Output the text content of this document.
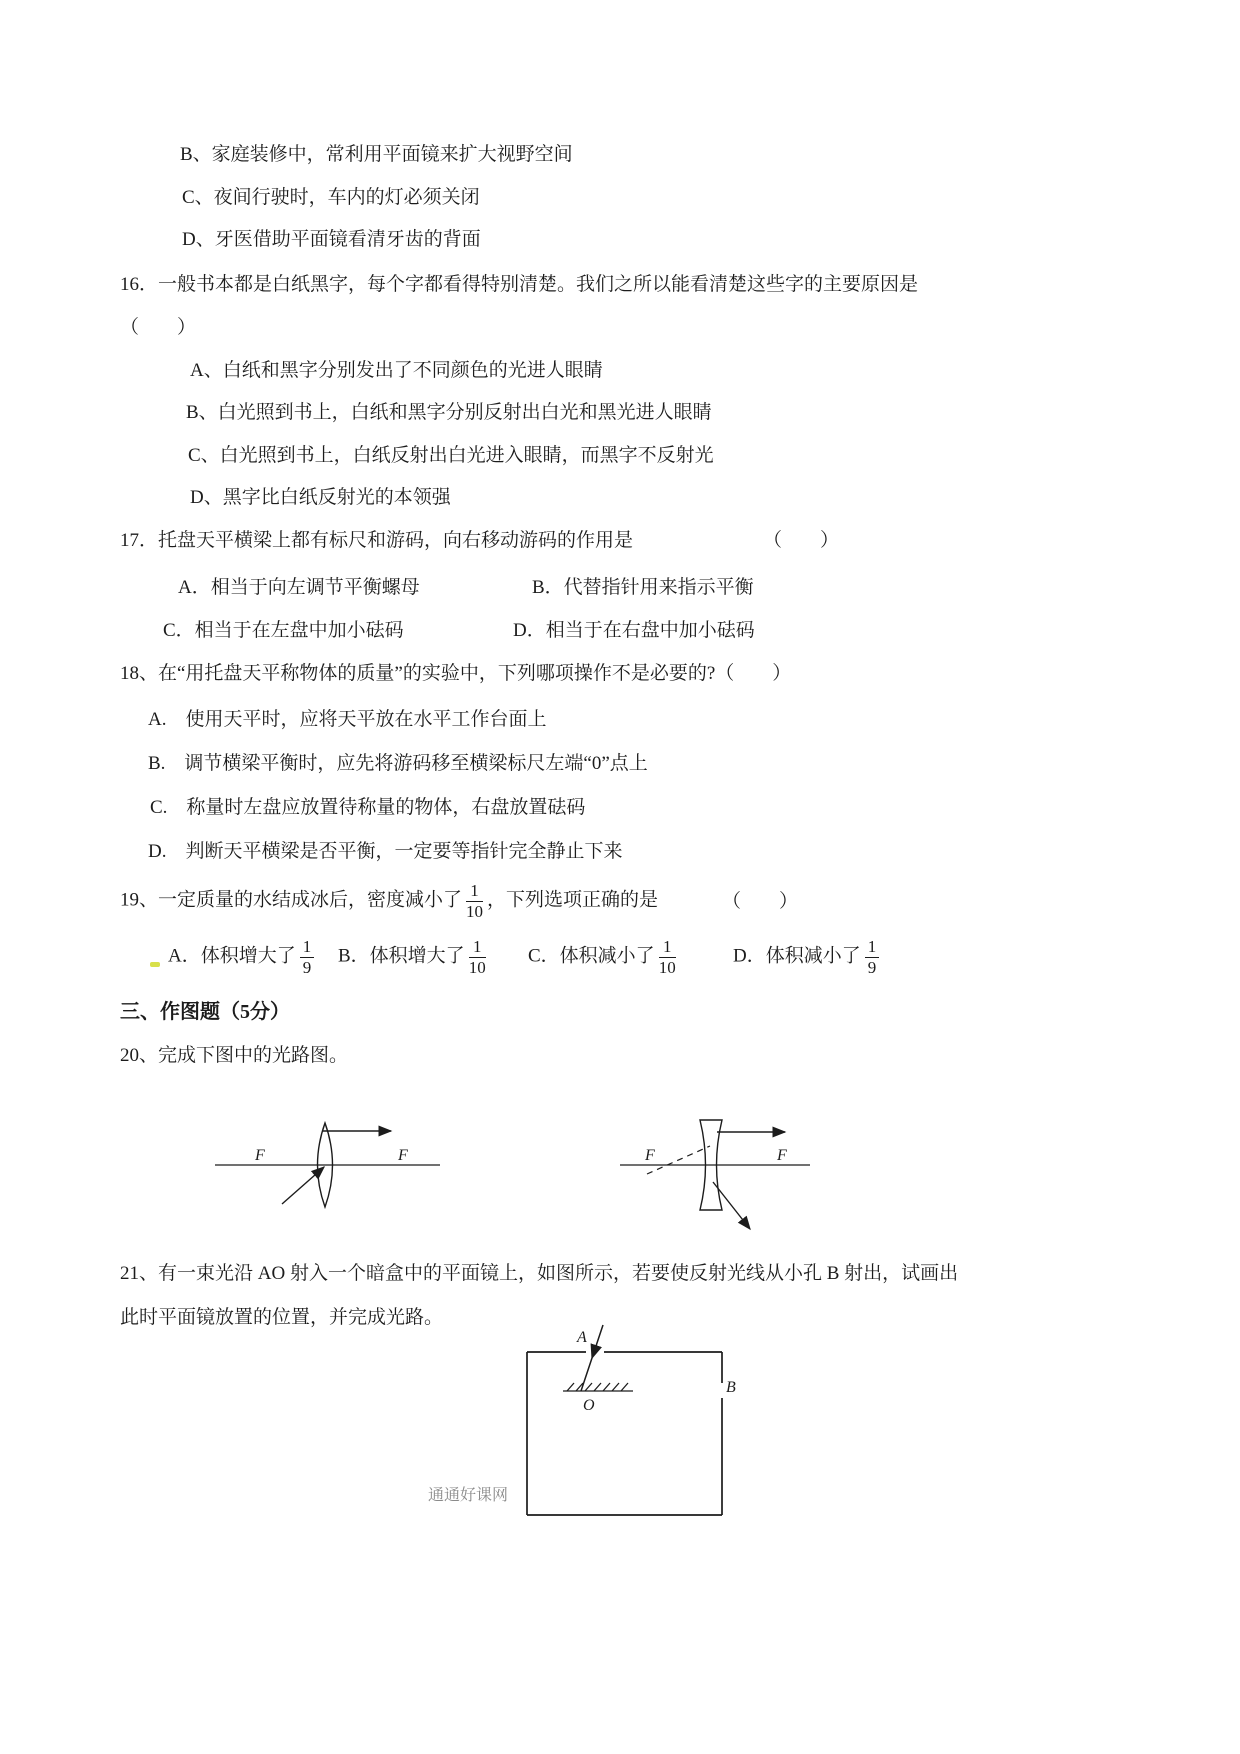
B、家庭装修中，常利用平面镜来扩大视野空间
C、夜间行驶时，车内的灯必须关闭
D、牙医借助平面镜看清牙齿的背面
16．一般书本都是白纸黑字，每个字都看得特别清楚。我们之所以能看清楚这些字的主要原因是
（　　）
A、白纸和黑字分别发出了不同颜色的光进人眼睛
B、白光照到书上，白纸和黑字分别反射出白光和黑光进人眼睛
C、白光照到书上，白纸反射出白光进入眼睛，而黑字不反射光
D、黑字比白纸反射光的本领强
17．托盘天平横梁上都有标尺和游码，向右移动游码的作用是	（　　）
A．相当于向左调节平衡螺母	B．代替指针用来指示平衡
C．相当于在左盘中加小砝码	D．相当于在右盘中加小砝码
18、在“用托盘天平称物体的质量”的实验中，下列哪项操作不是必要的?（　　）
A.　使用天平时，应将天平放在水平工作台面上
B.　调节横梁平衡时，应先将游码移至横梁标尺左端“0”点上
C.　称量时左盘应放置待称量的物体，右盘放置砝码
D.　判断天平横梁是否平衡，一定要等指针完全静止下来
19、一定质量的水结成冰后，密度减小了 $\frac{1}{10}$ ，下列选项正确的是	（　　）
A．体积增大了 $\frac{1}{9}$ B．体积增大了 $\frac{1}{10}$ C．体积减小了 $\frac{1}{10}$	D．体积减小了 $\frac{1}{9}$
三、作图题（5分）
20、完成下图中的光路图。
F	F	F	F
21、有一束光沿 AO 射入一个暗盒中的平面镜上，如图所示，若要使反射光线从小孔 B 射出，试画出
此时平面镜放置的位置，并完成光路。
A
O
B
通通好课网
